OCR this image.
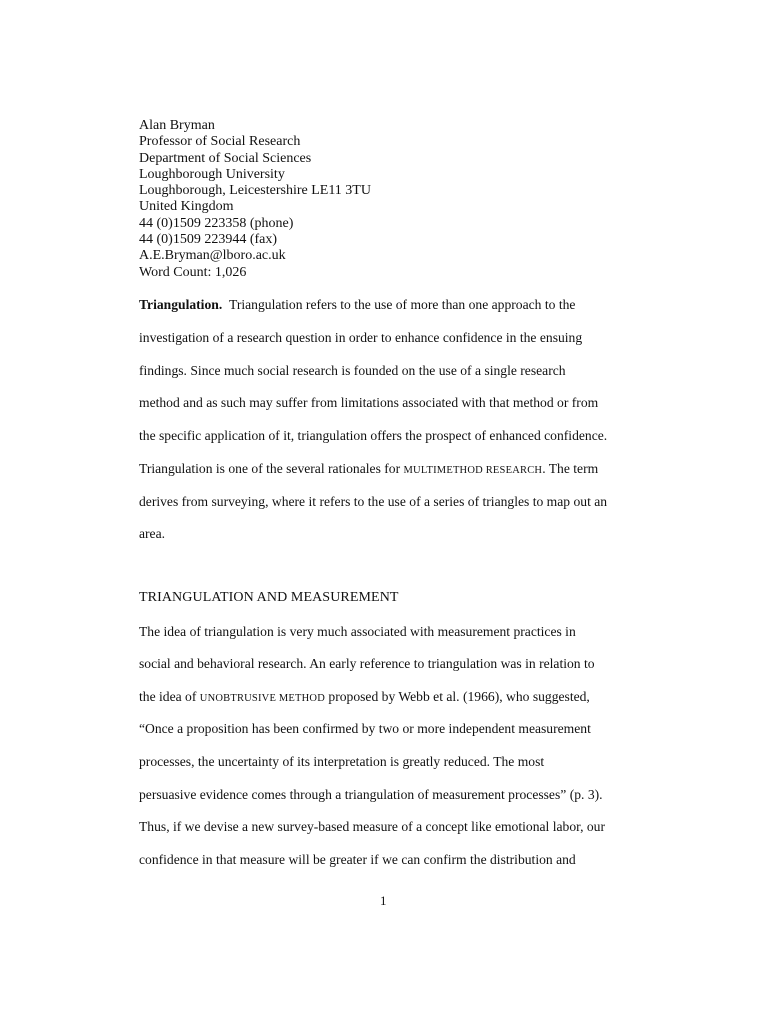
Alan Bryman
Professor of Social Research
Department of Social Sciences
Loughborough University
Loughborough, Leicestershire LE11 3TU
United Kingdom
44 (0)1509 223358 (phone)
44 (0)1509 223944 (fax)
A.E.Bryman@lboro.ac.uk
Word Count: 1,026
Triangulation. Triangulation refers to the use of more than one approach to the
investigation of a research question in order to enhance confidence in the ensuing
findings. Since much social research is founded on the use of a single research
method and as such may suffer from limitations associated with that method or from
the specific application of it, triangulation offers the prospect of enhanced confidence.
Triangulation is one of the several rationales for MULTIMETHOD RESEARCH. The term
derives from surveying, where it refers to the use of a series of triangles to map out an
area.
TRIANGULATION AND MEASUREMENT
The idea of triangulation is very much associated with measurement practices in
social and behavioral research. An early reference to triangulation was in relation to
the idea of UNOBTRUSIVE METHOD proposed by Webb et al. (1966), who suggested,
“Once a proposition has been confirmed by two or more independent measurement
processes, the uncertainty of its interpretation is greatly reduced. The most
persuasive evidence comes through a triangulation of measurement processes” (p. 3).
Thus, if we devise a new survey-based measure of a concept like emotional labor, our
confidence in that measure will be greater if we can confirm the distribution and
1
